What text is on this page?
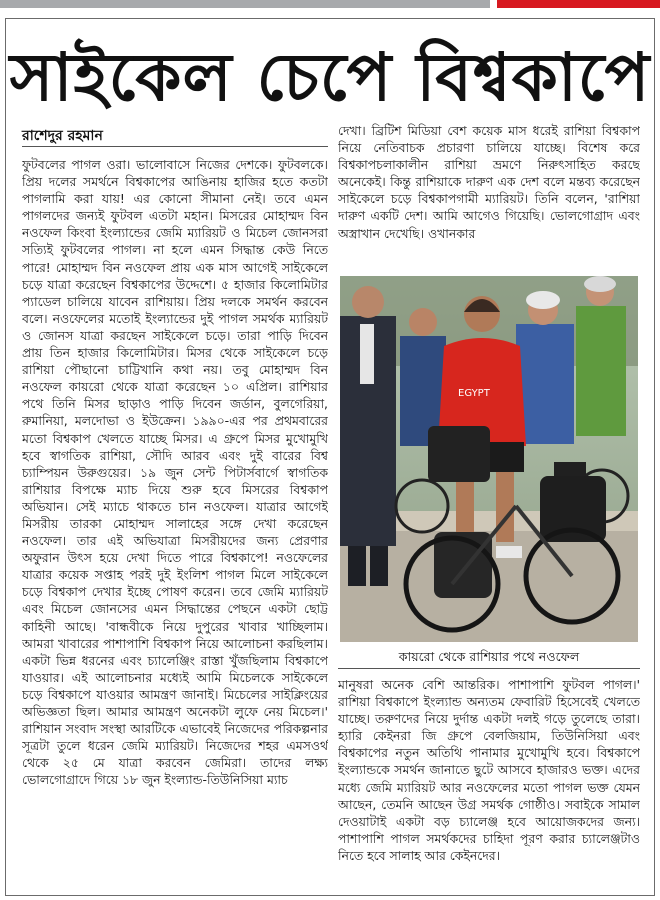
সাইকেল চেপে বিশ্বকাপে
রাশেদুর রহমান

ফুটবলের পাগল ওরা। ভালোবাসে নিজের দেশকে। ফুটবলকে। প্রিয় দলের সমর্থনে বিশ্বকাপের আঙিনায় হাজির হতে কতটা পাগলামি করা যায়! এর কোনো সীমানা নেই। তবে এমন পাগলদের জন্যই ফুটবল এতটা মহান। মিসরের মোহাম্মদ বিন নওফেল কিংবা ইংল্যান্ডের জেমি ম্যারিয়ট ও মিচেল জোনসরা সত্যিই ফুটবলের পাগল। না হলে এমন সিদ্ধান্ত কেউ নিতে পারে! মোহাম্মদ বিন নওফেল প্রায় এক মাস আগেই সাইকেলে চড়ে যাত্রা করেছেন বিশ্বকাপের উদ্দেশে। ৫ হাজার কিলোমিটার প্যাডেল চালিয়ে যাবেন রাশিয়ায়। প্রিয় দলকে সমর্থন করবেন বলে। নওফেলের মতোই ইংল্যান্ডের দুই পাগল সমর্থক ম্যারিয়ট ও জোনস যাত্রা করছেন সাইকেলে চড়ে। তারা পাড়ি দিবেন প্রায় তিন হাজার কিলোমিটার। মিসর থেকে সাইকেলে চড়ে রাশিয়া পৌছানো চাট্টিখানি কথা নয়। তবু মোহাম্মদ বিন নওফেল কায়রো থেকে যাত্রা করেছেন ১০ এপ্রিল। রাশিয়ার পথে তিনি মিসর ছাড়াও পাড়ি দিবেন জর্ডান, বুলগেরিয়া, রুমানিয়া, মলদোভা ও ইউক্রেন। ১৯৯০-এর পর প্রথমবারের মতো বিশ্বকাপ খেলতে যাচ্ছে মিসর। এ গ্রুপে মিসর মুখোমুখি হবে স্বাগতিক রাশিয়া, সৌদি আরব এবং দুই বারের বিশ্ব চ্যাম্পিয়ন উরুগুয়ের। ১৯ জুন সেন্ট পিটার্সবার্গে স্বাগতিক রাশিয়ার বিপক্ষে ম্যাচ দিয়ে শুরু হবে মিসরের বিশ্বকাপ অভিযান। সেই ম্যাচে থাকতে চান নওফেল। যাত্রার আগেই মিসরীয় তারকা মোহাম্মদ সালাহের সঙ্গে দেখা করেছেন নওফেল। তার এই অভিযাত্রা মিসরীয়দের জন্য প্রেরণার অফুরান উৎস হয়ে দেখা দিতে পারে বিশ্বকাপে! নওফেলের যাত্রার কয়েক সপ্তাহ পরই দুই ইংলিশ পাগল মিলে সাইকেলে চড়ে বিশ্বকাপ দেখার ইচ্ছে পোষণ করেন। তবে জেমি ম্যারিয়ট এবং মিচেল জোনসের এমন সিদ্ধান্তের পেছনে একটা ছোট্ট কাহিনী আছে। 'বান্ধবীকে নিয়ে দুপুরের খাবার খাচ্ছিলাম। আমরা খাবারের পাশাপাশি বিশ্বকাপ নিয়ে আলোচনা করছিলাম। একটা ভিন্ন ধরনের এবং চ্যালেঞ্জিং রাস্তা খুঁজছিলাম বিশ্বকাপে যাওয়ার। এই আলোচনার মধ্যেই আমি মিচেলকে সাইকেলে চড়ে বিশ্বকাপে যাওয়ার আমন্ত্রণ জানাই। মিচেলের সাইক্লিংয়ের অভিজ্ঞতা ছিল। আমার আমন্ত্রণ অনেকটা লুফে নেয় মিচেল।' রাশিয়ান সংবাদ সংস্থা আরটিকে এভাবেই নিজেদের পরিকল্পনার সূত্রটা তুলে ধরেন জেমি ম্যারিয়ট। নিজেদের শহর এমসওর্থ থেকে ২৫ মে যাত্রা করবেন জেমিরা। তাদের লক্ষ্য ভোলগোগ্রাদে গিয়ে ১৮ জুন ইংল্যান্ড-তিউনিসিয়া ম্যাচ

দেখা। ব্রিটিশ মিডিয়া বেশ কয়েক মাস ধরেই রাশিয়া বিশ্বকাপ নিয়ে নেতিবাচক প্রচারণা চালিয়ে যাচ্ছে। বিশেষ করে বিশ্বকাপচলাকালীন রাশিয়া ভ্রমণে নিরুৎসাহিত করছে অনেকেই। কিন্তু রাশিয়াকে দারুণ এক দেশ বলে মন্তব্য করেছেন সাইকেলে চড়ে বিশ্বকাপগামী ম্যারিয়ট। তিনি বলেন, 'রাশিয়া দারুণ একটি দেশ। আমি আগেও গিয়েছি। ভোলগোগ্রাদ এবং অস্ত্রাখান দেখেছি। ওখানকার

EGYPT
কায়রো থেকে রাশিয়ার পথে নওফেল

মানুষরা অনেক বেশি আন্তরিক। পাশাপাশি ফুটবল পাগল।' রাশিয়া বিশ্বকাপে ইংল্যান্ড অন্যতম ফেবারিট হিসেবেই খেলতে যাচ্ছে। তরুণদের নিয়ে দুর্দান্ত একটা দলই গড়ে তুলেছে তারা। হ্যারি কেইনরা জি গ্রুপে বেলজিয়াম, তিউনিসিয়া এবং বিশ্বকাপের নতুন অতিথি পানামার মুখোমুখি হবে। বিশ্বকাপে ইংল্যান্ডকে সমর্থন জানাতে ছুটে আসবে হাজারও ভক্ত। এদের মধ্যে জেমি ম্যারিয়ট আর নওফেলের মতো পাগল ভক্ত যেমন আছেন, তেমনি আছেন উগ্র সমর্থক গোষ্ঠীও। সবাইকে সামাল দেওয়াটাই একটা বড় চ্যালেঞ্জ হবে আয়োজকদের জন্য। পাশাপাশি পাগল সমর্থকদের চাহিদা পূরণ করার চ্যালেঞ্জটাও নিতে হবে সালাহ আর কেইনদের।
